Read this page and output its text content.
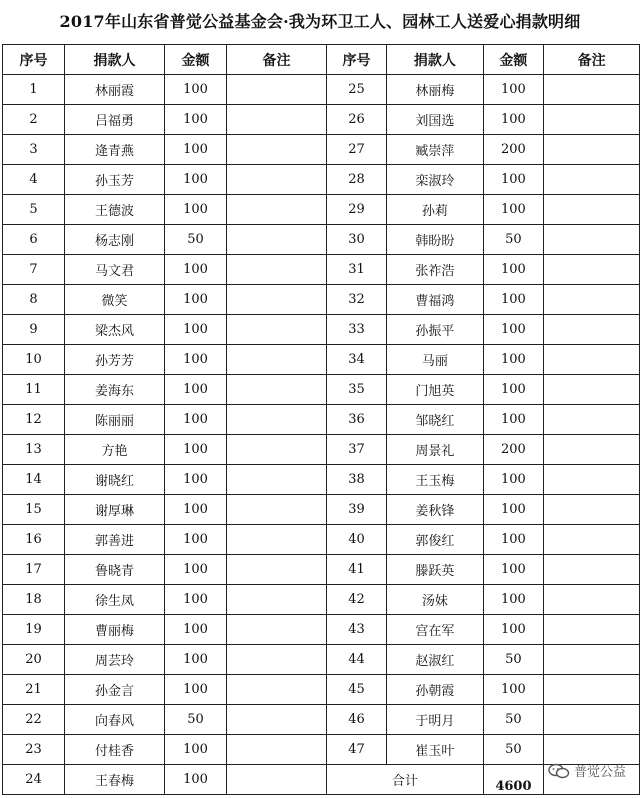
2017年山东省普觉公益基金会·我为环卫工人、园林工人送爱心捐款明细
序号	捐款人	金额	备注
1	林丽霞	100	
2	吕福勇	100	
3	逄青燕	100	
4	孙玉芳	100	
5	王德波	100	
6	杨志刚	50	
7	马文君	100	
8	微笑	100	
9	梁杰风	100	
10	孙芳芳	100	
11	姜海东	100	
12	陈丽丽	100	
13	方艳	100	
14	谢晓红	100	
15	谢厚琳	100	
16	郭善进	100	
17	鲁晓青	100	
18	徐生凤	100	
19	曹丽梅	100	
20	周芸玲	100	
21	孙金言	100	
22	向春风	50	
23	付桂香	100	
24	王春梅	100	
序号	捐款人	金额	备注
25	林丽梅	100	
26	刘国选	100	
27	臧崇萍	200	
28	栾淑玲	100	
29	孙莉	100	
30	韩盼盼	50	
31	张祚浩	100	
32	曹福鸿	100	
33	孙振平	100	
34	马丽	100	
35	门旭英	100	
36	邹晓红	100	
37	周景礼	200	
38	王玉梅	100	
39	姜秋锋	100	
40	郭俊红	100	
41	滕跃英	100	
42	汤妹	100	
43	宫在军	100	
44	赵淑红	50	
45	孙朝霞	100	
46	于明月	50	
47	崔玉叶	50	
合计		4600	
普觉公益
